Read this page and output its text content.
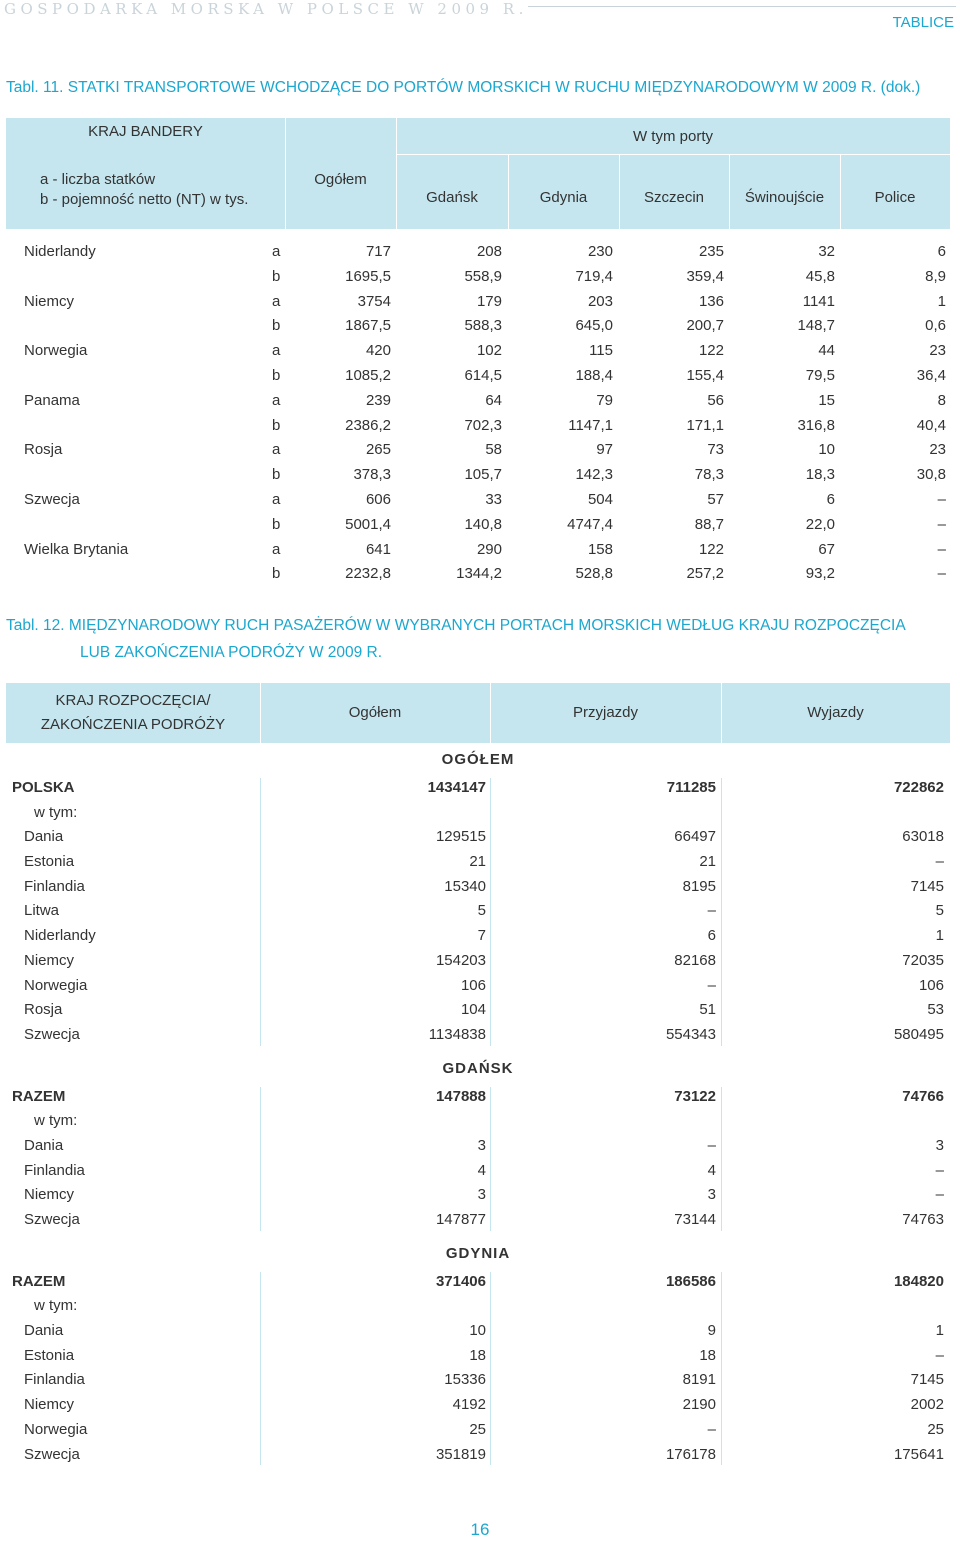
GOSPODARKA MORSKA W POLSCE W 2009 R.
TABLICE
Tabl. 11. STATKI TRANSPORTOWE WCHODZĄCE DO PORTÓW MORSKICH W RUCHU MIĘDZYNARODOWYM W 2009 R. (dok.)
KRAJ BANDERY
a - liczba statków
b - pojemność netto (NT) w tys.
Ogółem
W tym porty
Gdańsk	Gdynia	Szczecin	Świnoujście	Police
Niderlandy	a	717	208	230	235	32	6
b	1695,5	558,9	719,4	359,4	45,8	8,9
Niemcy	a	3754	179	203	136	1141	1
b	1867,5	588,3	645,0	200,7	148,7	0,6
Norwegia	a	420	102	115	122	44	23
b	1085,2	614,5	188,4	155,4	79,5	36,4
Panama	a	239	64	79	56	15	8
b	2386,2	702,3	1147,1	171,1	316,8	40,4
Rosja	a	265	58	97	73	10	23
b	378,3	105,7	142,3	78,3	18,3	30,8
Szwecja	a	606	33	504	57	6	–
b	5001,4	140,8	4747,4	88,7	22,0	–
Wielka Brytania	a	641	290	158	122	67	–
b	2232,8	1344,2	528,8	257,2	93,2	–
Tabl. 12. MIĘDZYNARODOWY RUCH PASAŻERÓW W WYBRANYCH PORTACH MORSKICH WEDŁUG KRAJU ROZPOCZĘCIA
LUB ZAKOŃCZENIA PODRÓŻY W 2009 R.
KRAJ ROZPOCZĘCIA/
ZAKOŃCZENIA PODRÓŻY
Ogółem	Przyjazdy	Wyjazdy
OGÓŁEM
POLSKA	1434147	711285	722862
w tym:
Dania	129515	66497	63018
Estonia	21	21	–
Finlandia	15340	8195	7145
Litwa	5	–	5
Niderlandy	7	6	1
Niemcy	154203	82168	72035
Norwegia	106	–	106
Rosja	104	51	53
Szwecja	1134838	554343	580495
GDAŃSK
RAZEM	147888	73122	74766
w tym:
Dania	3	–	3
Finlandia	4	4	–
Niemcy	3	3	–
Szwecja	147877	73144	74763
GDYNIA
RAZEM	371406	186586	184820
w tym:
Dania	10	9	1
Estonia	18	18	–
Finlandia	15336	8191	7145
Niemcy	4192	2190	2002
Norwegia	25	–	25
Szwecja	351819	176178	175641
16
